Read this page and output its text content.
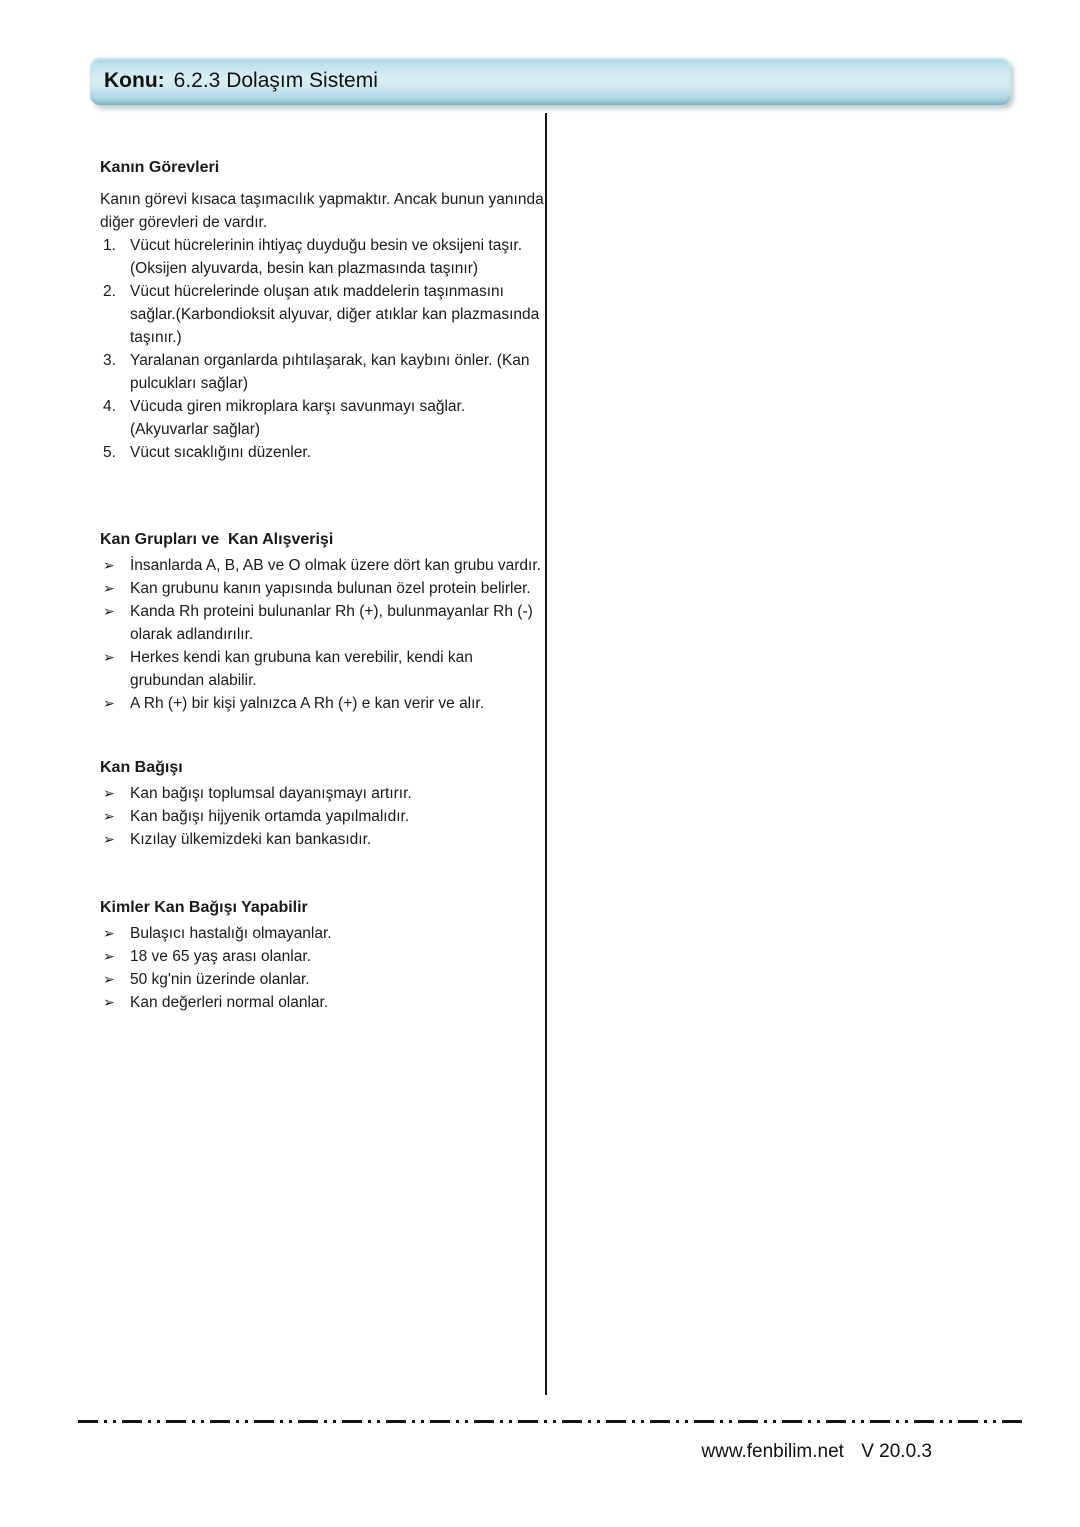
Konu: 6.2.3 Dolaşım Sistemi
Kanın Görevleri

Kanın görevi kısaca taşımacılık yapmaktır. Ancak bunun yanında diğer görevleri de vardır.

1. Vücut hücrelerinin ihtiyaç duyduğu besin ve oksijeni taşır. (Oksijen alyuvarda, besin kan plazmasında taşınır)
2. Vücut hücrelerinde oluşan atık maddelerin taşınmasını sağlar.(Karbondioksit alyuvar, diğer atıklar kan plazmasında taşınır.)
3. Yaralanan organlarda pıhtılaşarak, kan kaybını önler. (Kan pulcukları sağlar)
4. Vücuda giren mikroplara karşı savunmayı sağlar. (Akyuvarlar sağlar)
5. Vücut sıcaklığını düzenler.
Kan Grupları ve  Kan Alışverişi
➢ İnsanlarda A, B, AB ve O olmak üzere dört kan grubu vardır.
➢ Kan grubunu kanın yapısında bulunan özel protein belirler.
➢ Kanda Rh proteini bulunanlar Rh (+), bulunmayanlar Rh (-) olarak adlandırılır.
➢ Herkes kendi kan grubuna kan verebilir, kendi kan grubundan alabilir.
➢ A Rh (+) bir kişi yalnızca A Rh (+) e kan verir ve alır.
Kan Bağışı
➢ Kan bağışı toplumsal dayanışmayı artırır.
➢ Kan bağışı hijyenik ortamda yapılmalıdır.
➢ Kızılay ülkemizdeki kan bankasıdır.
Kimler Kan Bağışı Yapabilir
➢ Bulaşıcı hastalığı olmayanlar.
➢ 18 ve 65 yaş arası olanlar.
➢ 50 kg'nin üzerinde olanlar.
➢ Kan değerleri normal olanlar.
www.fenbilim.net V 20.0.3
